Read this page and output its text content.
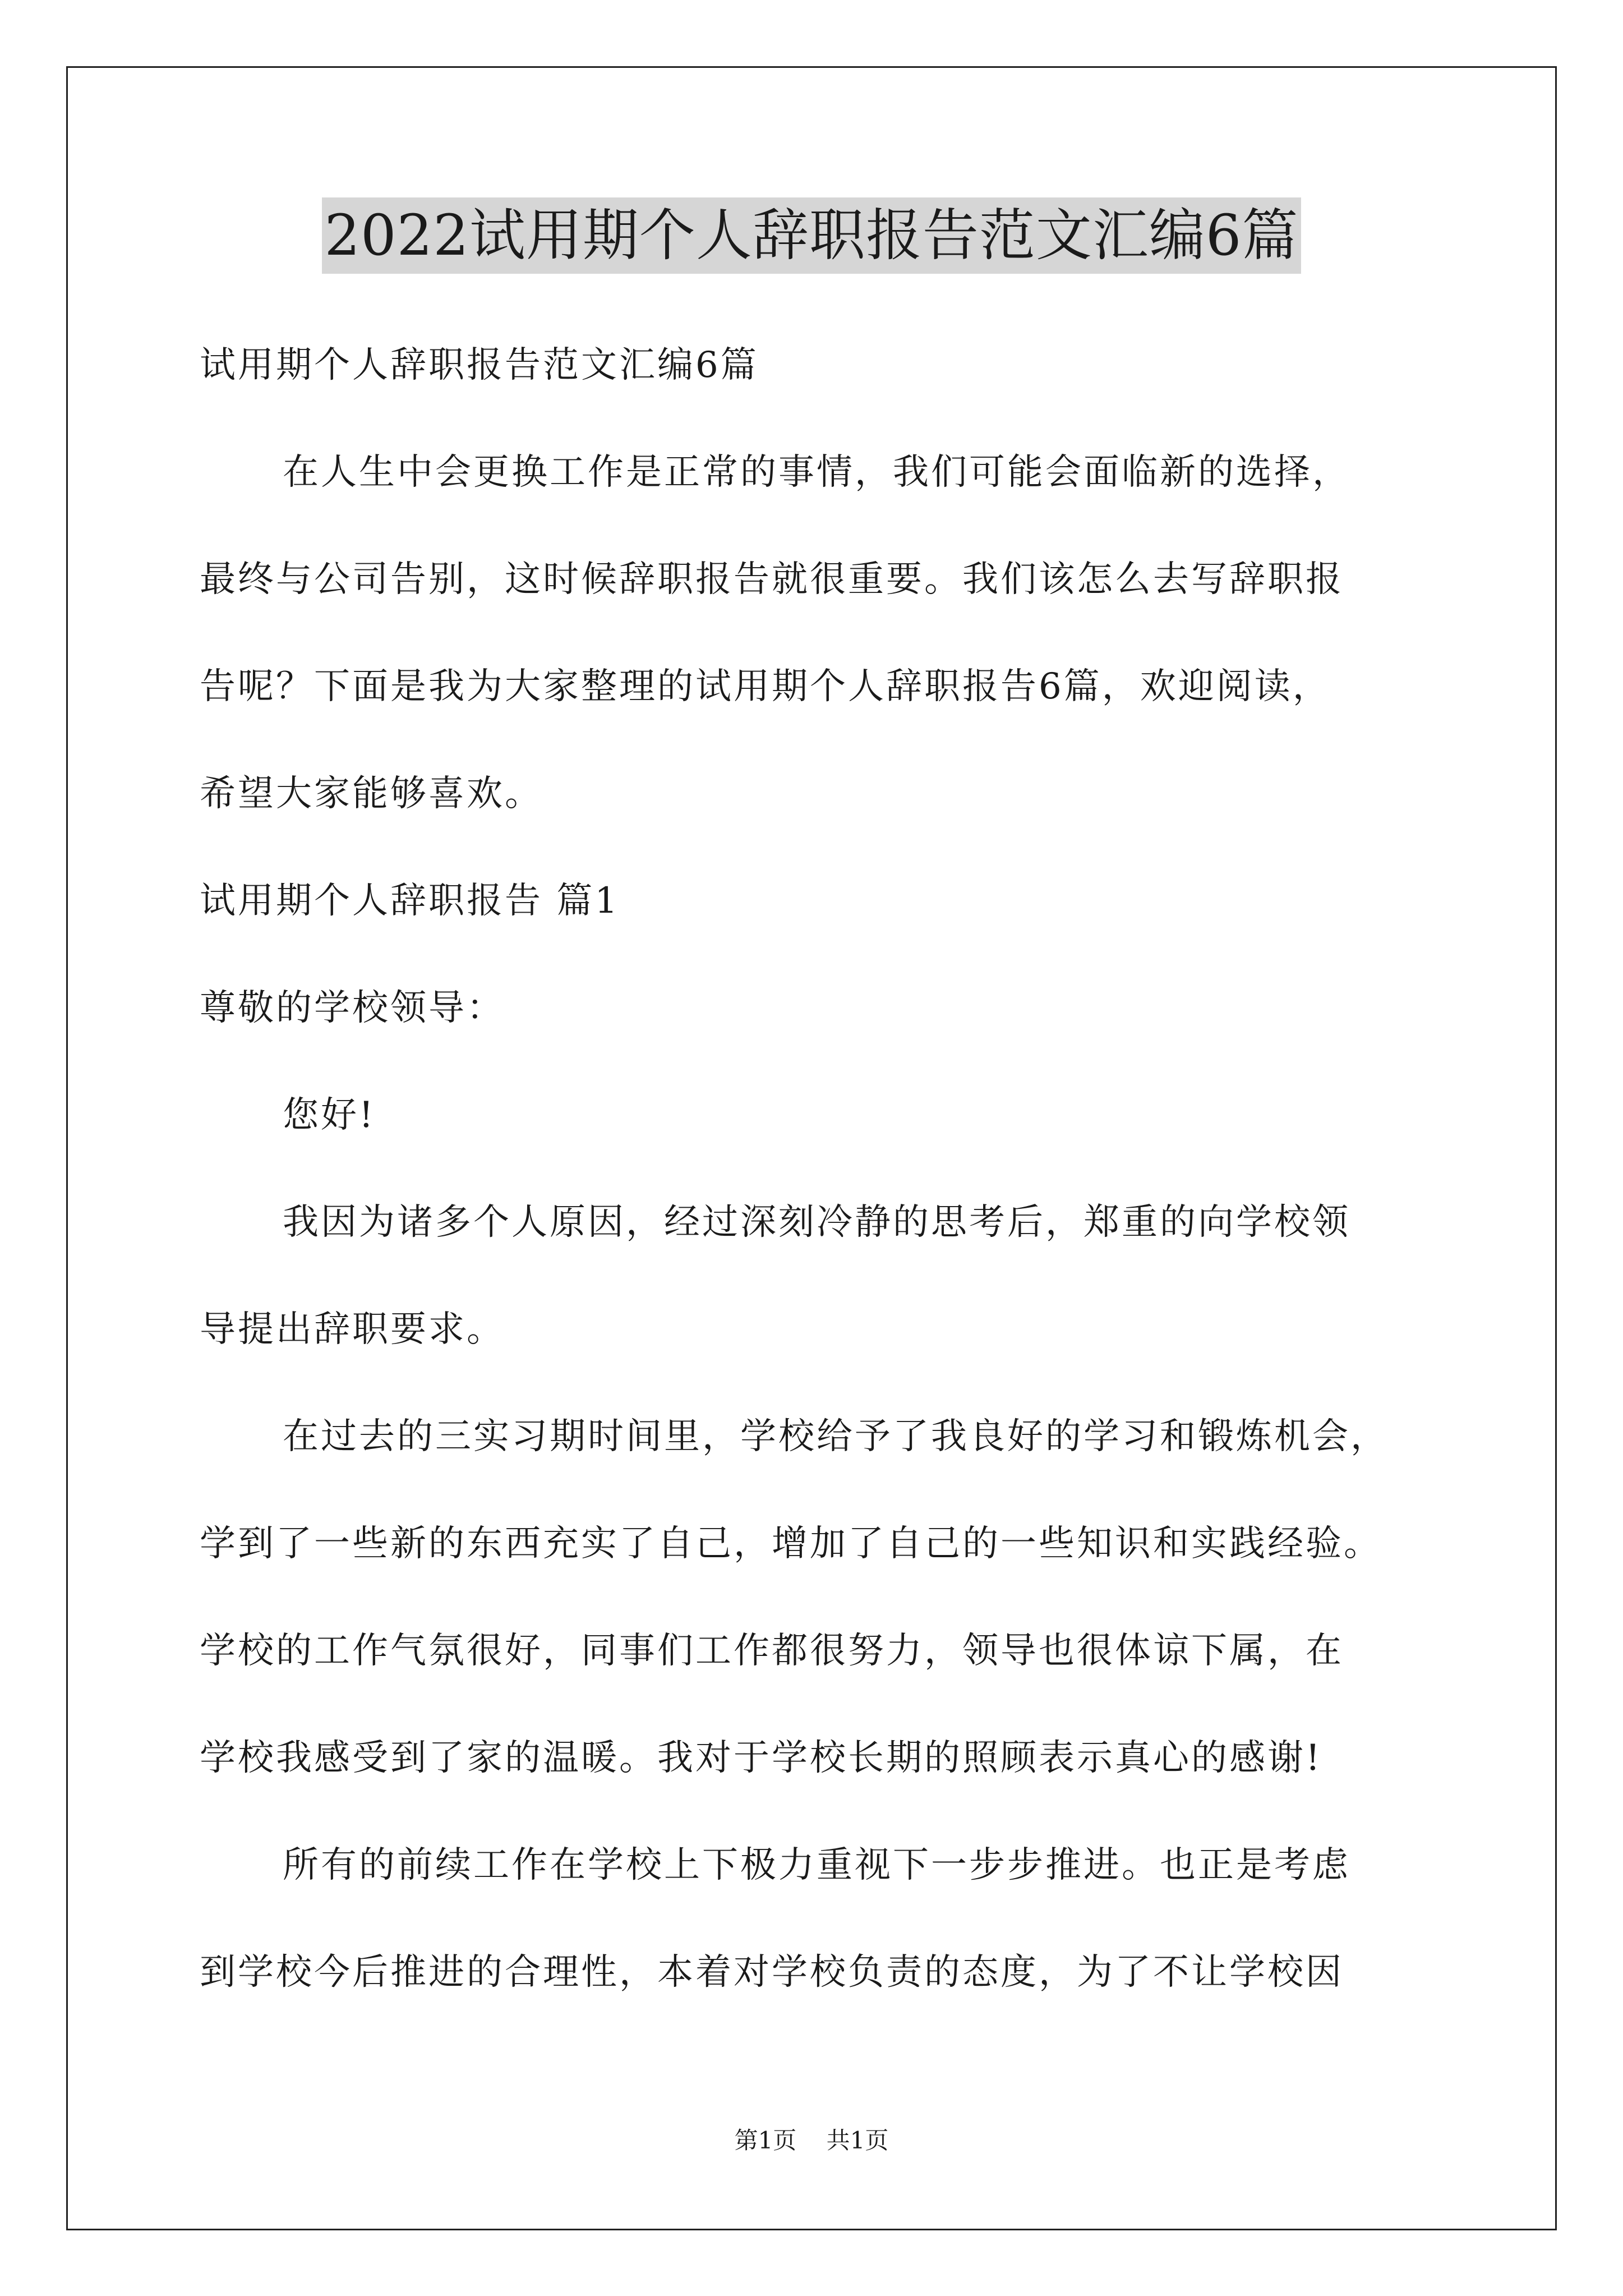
2022试用期个人辞职报告范文汇编6篇

试用期个人辞职报告范文汇编6篇

在人生中会更换工作是正常的事情，我们可能会面临新的选择，

最终与公司告别，这时候辞职报告就很重要。我们该怎么去写辞职报

告呢？下面是我为大家整理的试用期个人辞职报告6篇，欢迎阅读，

希望大家能够喜欢。

试用期个人辞职报告 篇1

尊敬的学校领导：

您好!

我因为诸多个人原因，经过深刻冷静的思考后，郑重的向学校领

导提出辞职要求。

在过去的三实习期时间里，学校给予了我良好的学习和锻炼机会，

学到了一些新的东西充实了自己，增加了自己的一些知识和实践经验。

学校的工作气氛很好，同事们工作都很努力，领导也很体谅下属，在

学校我感受到了家的温暖。我对于学校长期的照顾表示真心的感谢!

所有的前续工作在学校上下极力重视下一步步推进。也正是考虑

到学校今后推进的合理性，本着对学校负责的态度，为了不让学校因

第1页 共1页
